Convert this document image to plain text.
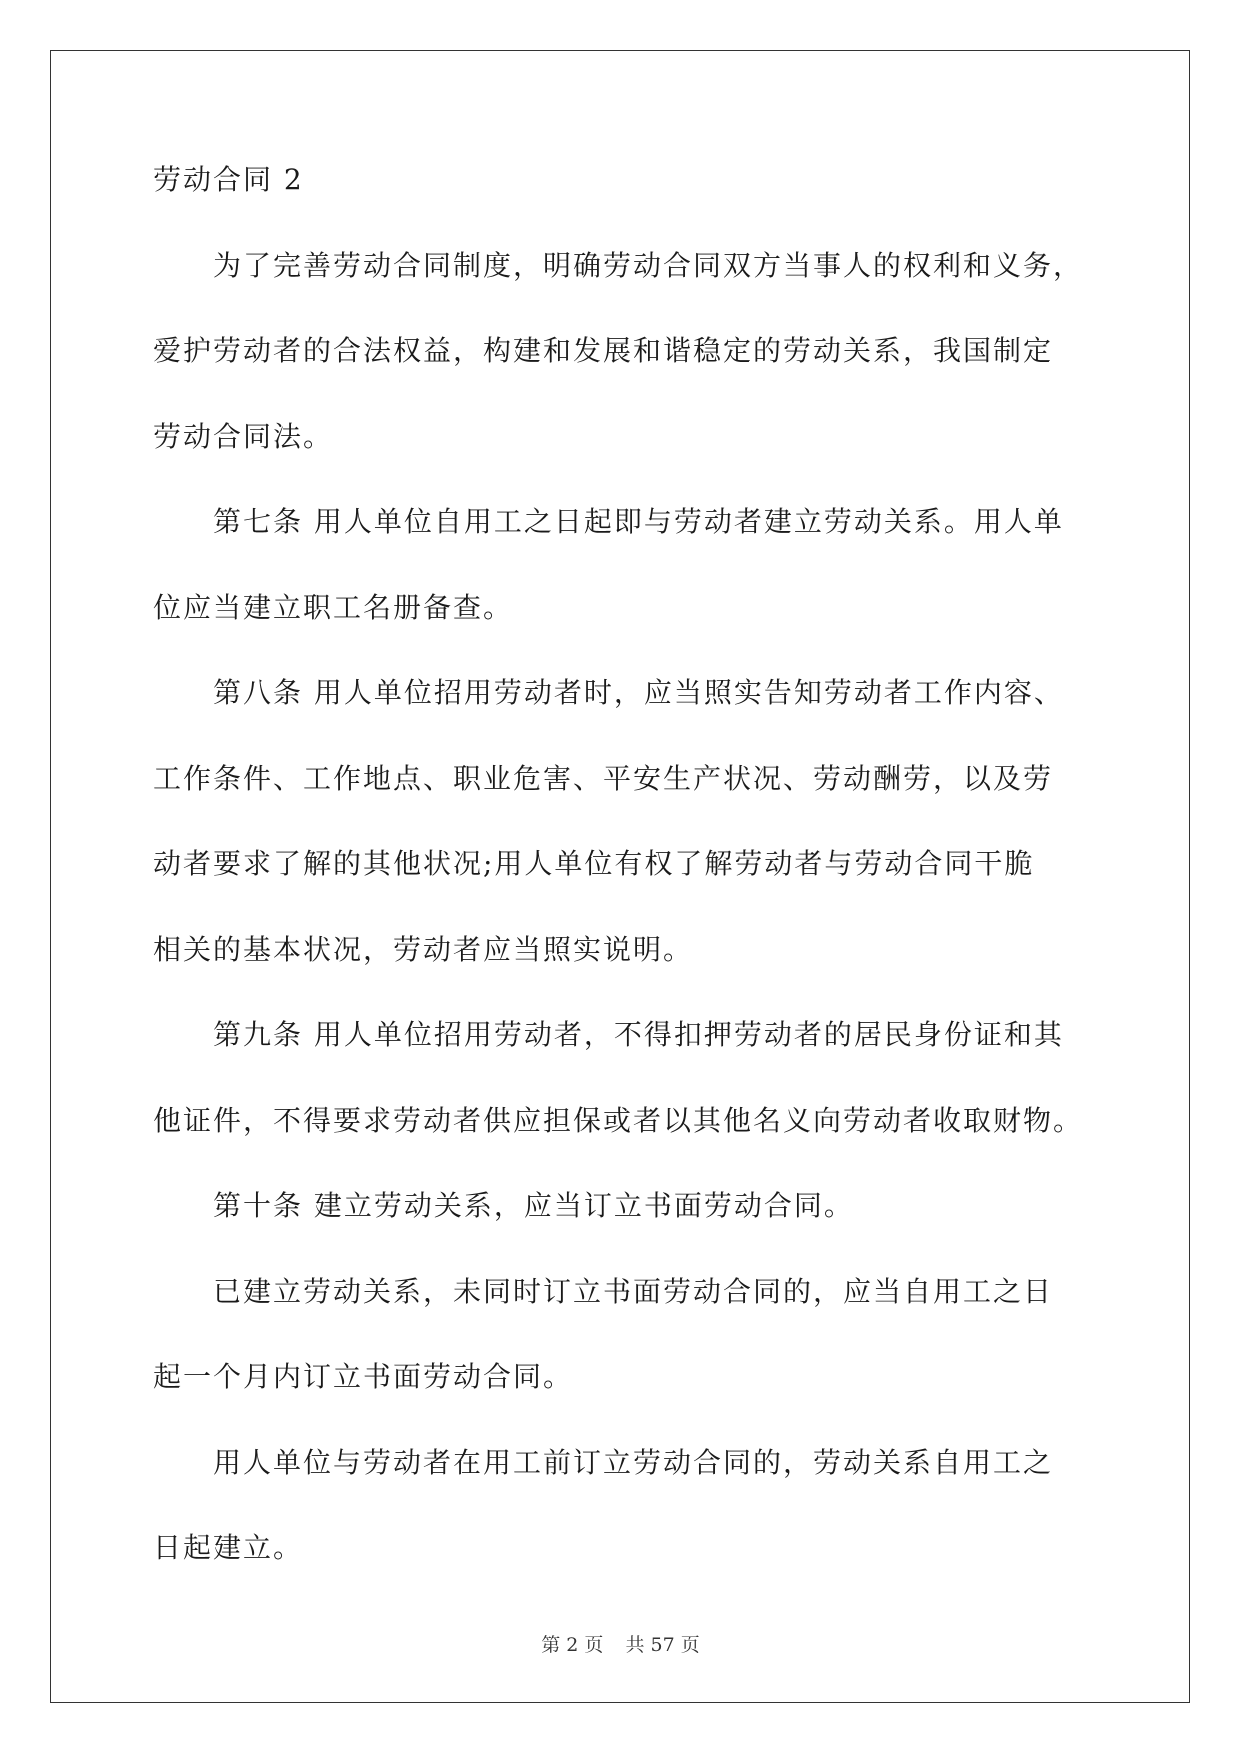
劳动合同 2
　　为了完善劳动合同制度，明确劳动合同双方当事人的权利和义务，
爱护劳动者的合法权益，构建和发展和谐稳定的劳动关系，我国制定
劳动合同法。
　　第七条 用人单位自用工之日起即与劳动者建立劳动关系。用人单
位应当建立职工名册备查。
　　第八条 用人单位招用劳动者时，应当照实告知劳动者工作内容、
工作条件、工作地点、职业危害、平安生产状况、劳动酬劳，以及劳
动者要求了解的其他状况;用人单位有权了解劳动者与劳动合同干脆
相关的基本状况，劳动者应当照实说明。
　　第九条 用人单位招用劳动者，不得扣押劳动者的居民身份证和其
他证件，不得要求劳动者供应担保或者以其他名义向劳动者收取财物。
　　第十条 建立劳动关系，应当订立书面劳动合同。
　　已建立劳动关系，未同时订立书面劳动合同的，应当自用工之日
起一个月内订立书面劳动合同。
　　用人单位与劳动者在用工前订立劳动合同的，劳动关系自用工之
日起建立。
第 2 页 共 57 页
